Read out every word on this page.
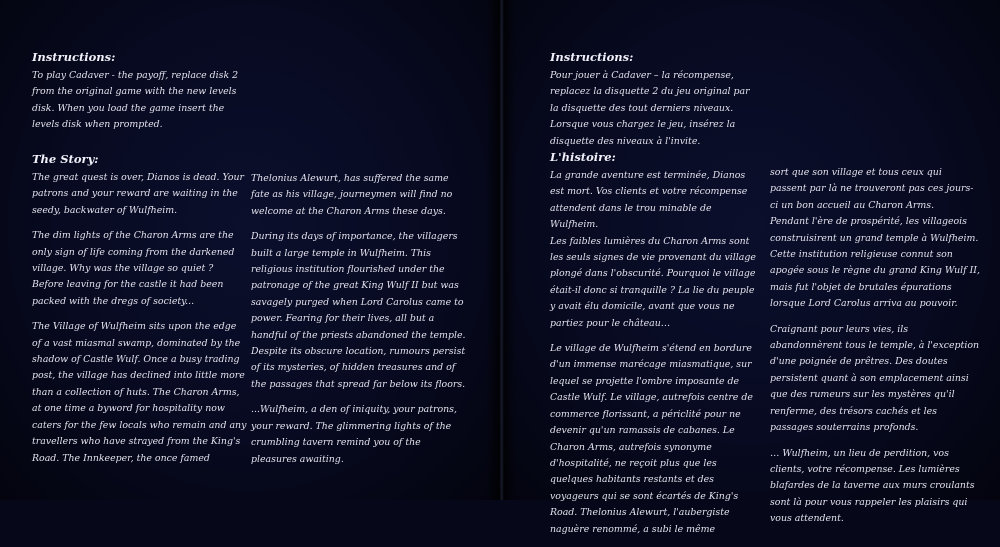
Instructions:

To play Cadaver - the payoff, replace disk 2 from the original game with the new levels disk. When you load the game insert the levels disk when prompted.

The Story:

The great quest is over, Dianos is dead. Your patrons and your reward are waiting in the seedy, backwater of Wulfheim.

The dim lights of the Charon Arms are the only sign of life coming from the darkened village. Why was the village so quiet ? Before leaving for the castle it had been packed with the dregs of society...

The Village of Wulfheim sits upon the edge of a vast miasmal swamp, dominated by the shadow of Castle Wulf. Once a busy trading post, the village has declined into little more than a collection of huts. The Charon Arms, at one time a byword for hospitality now caters for the few locals who remain and any travellers who have strayed from the King's Road. The Innkeeper, the once famed

Thelonius Alewurt, has suffered the same fate as his village, journeymen will find no welcome at the Charon Arms these days.

During its days of importance, the villagers built a large temple in Wulfheim. This religious institution flourished under the patronage of the great King Wulf II but was savagely purged when Lord Carolus came to power. Fearing for their lives, all but a handful of the priests abandoned the temple. Despite its obscure location, rumours persist of its mysteries, of hidden treasures and of the passages that spread far below its floors.

...Wulfheim, a den of iniquity, your patrons, your reward. The glimmering lights of the crumbling tavern remind you of the pleasures awaiting.

Instructions:

Pour jouer à Cadaver – la récompense, replacez la disquette 2 du jeu original par la disquette des tout derniers niveaux. Lorsque vous chargez le jeu, insérez la disquette des niveaux à l'invite.

L'histoire:

La grande aventure est terminée, Dianos est mort. Vos clients et votre récompense attendent dans le trou minable de Wulfheim.
Les faibles lumières du Charon Arms sont les seuls signes de vie provenant du village plongé dans l'obscurité. Pourquoi le village était-il donc si tranquille ? La lie du peuple y avait élu domicile, avant que vous ne partiez pour le château…

Le village de Wulfheim s'étend en bordure d'un immense marécage miasmatique, sur lequel se projette l'ombre imposante de Castle Wulf. Le village, autrefois centre de commerce florissant, a périclité pour ne devenir qu'un ramassis de cabanes. Le Charon Arms, autrefois synonyme d'hospitalité, ne reçoit plus que les quelques habitants restants et des voyageurs qui se sont écartés de King's Road. Thelonius Alewurt, l'aubergiste naguère renommé, a subi le même

sort que son village et tous ceux qui passent par là ne trouveront pas ces jours-ci un bon accueil au Charon Arms.
Pendant l'ère de prospérité, les villageois construisirent un grand temple à Wulfheim. Cette institution religieuse connut son apogée sous le règne du grand King Wulf II, mais fut l'objet de brutales épurations lorsque Lord Carolus arriva au pouvoir.

Craignant pour leurs vies, ils abandonnèrent tous le temple, à l'exception d'une poignée de prêtres. Des doutes persistent quant à son emplacement ainsi que des rumeurs sur les mystères qu'il renferme, des trésors cachés et les passages souterrains profonds.

… Wulfheim, un lieu de perdition, vos clients, votre récompense. Les lumières blafardes de la taverne aux murs croulants sont là pour vous rappeler les plaisirs qui vous attendent.
